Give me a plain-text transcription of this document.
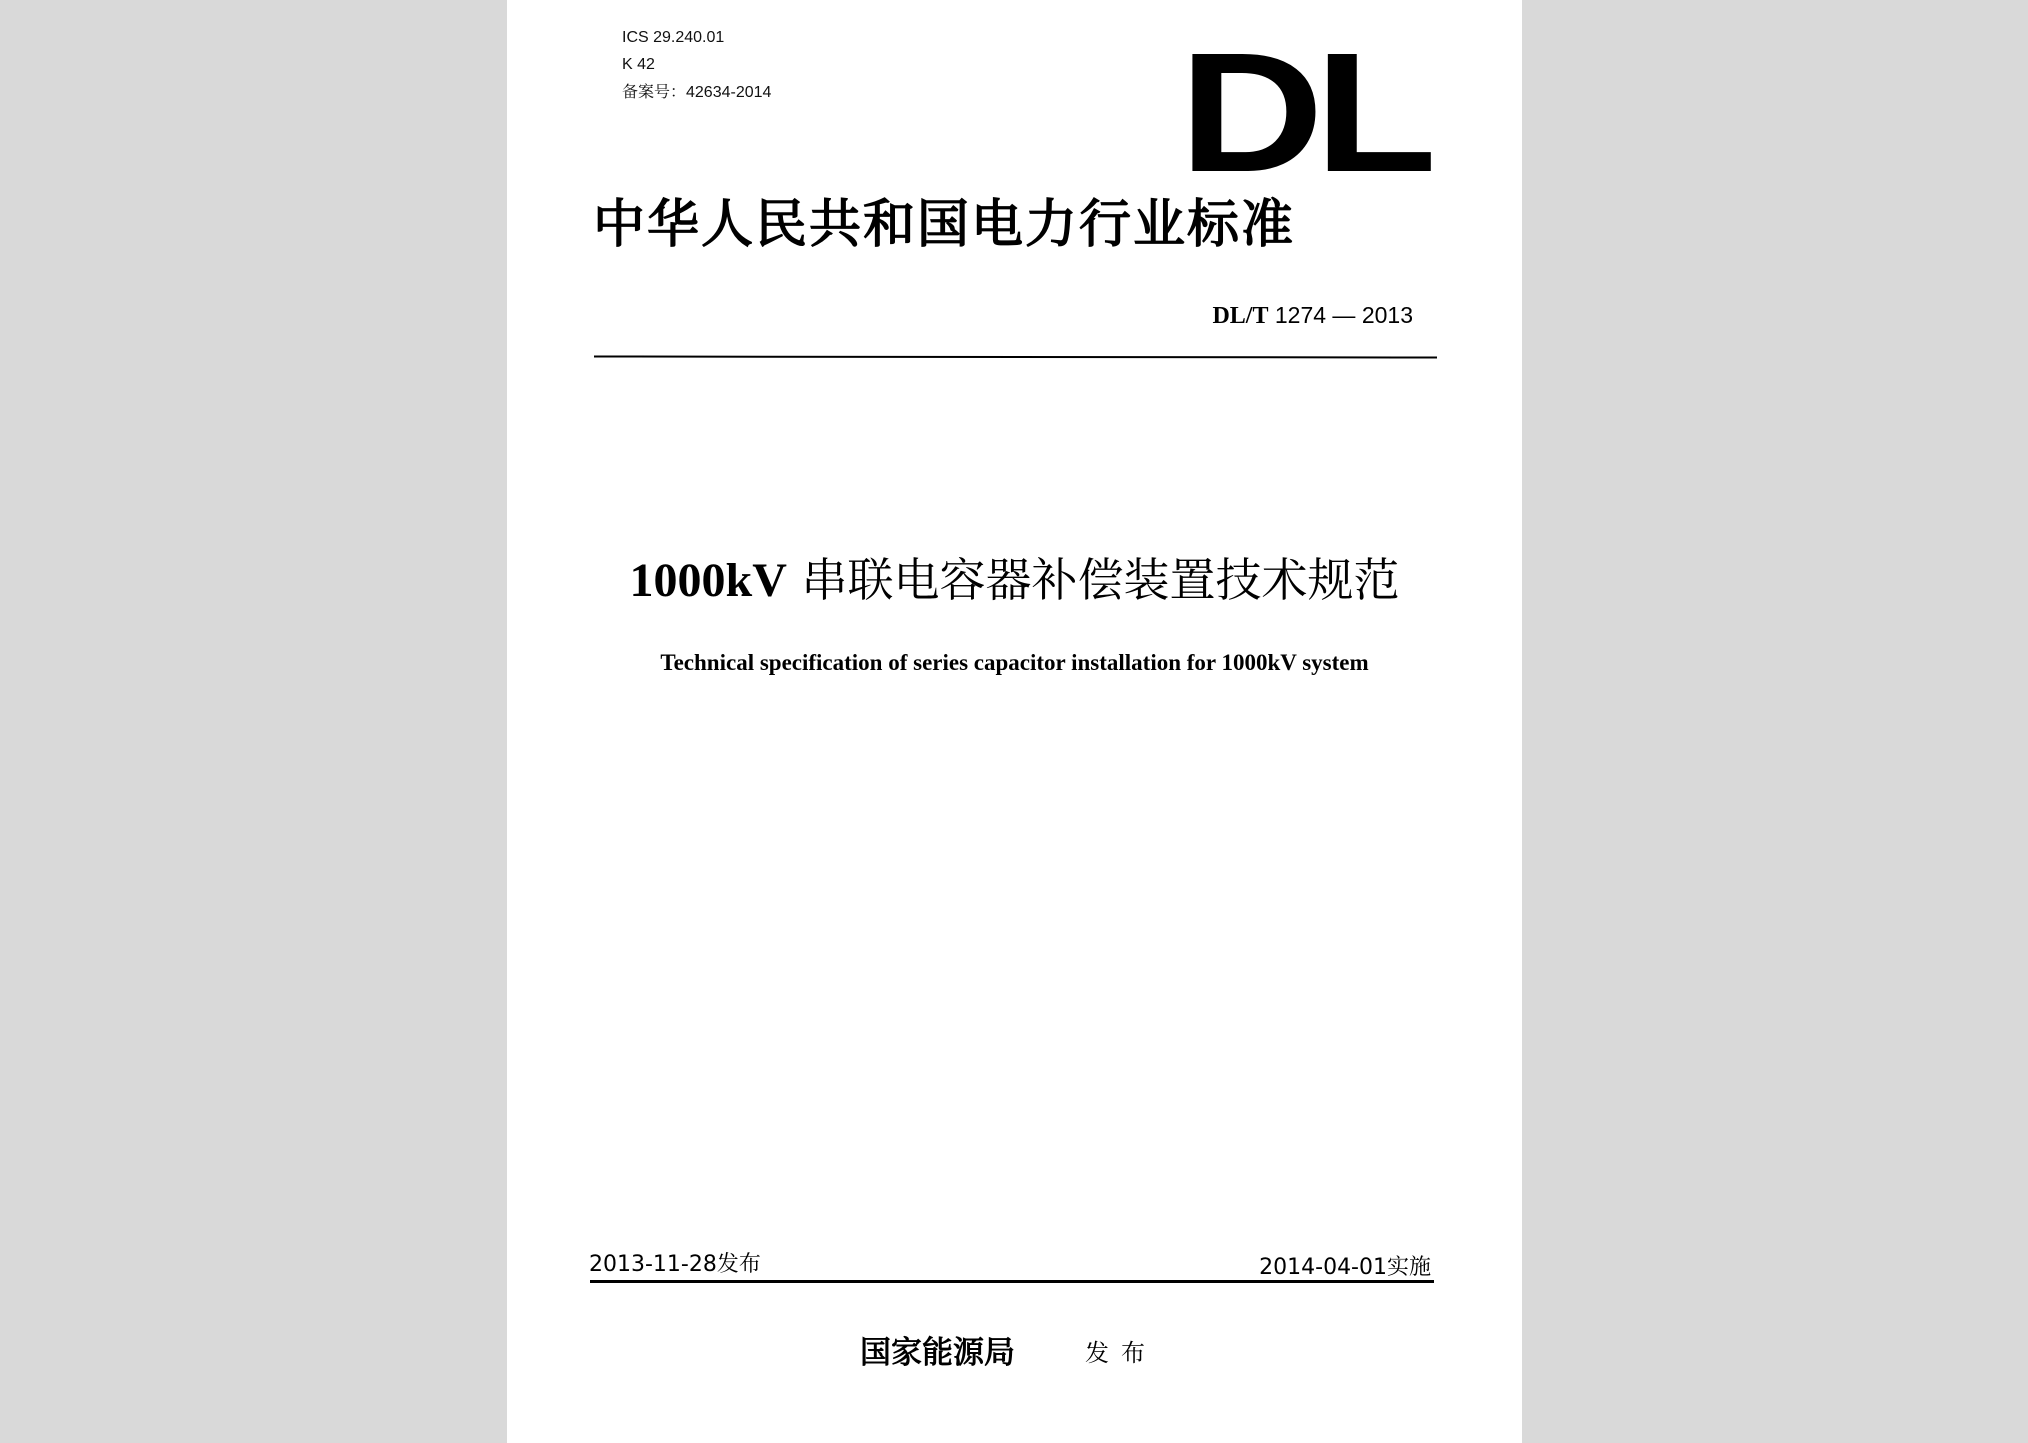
ICS 29.240.01
K 42
备案号：42634-2014 DL
中华人民共和国电力行业标准
DL/T 1274 — 2013
1000kV 串联电容器补偿装置技术规范
Technical specification of series capacitor installation for 1000kV system
2013-11-28发布	2014-04-01实施
国家能源局	发布
